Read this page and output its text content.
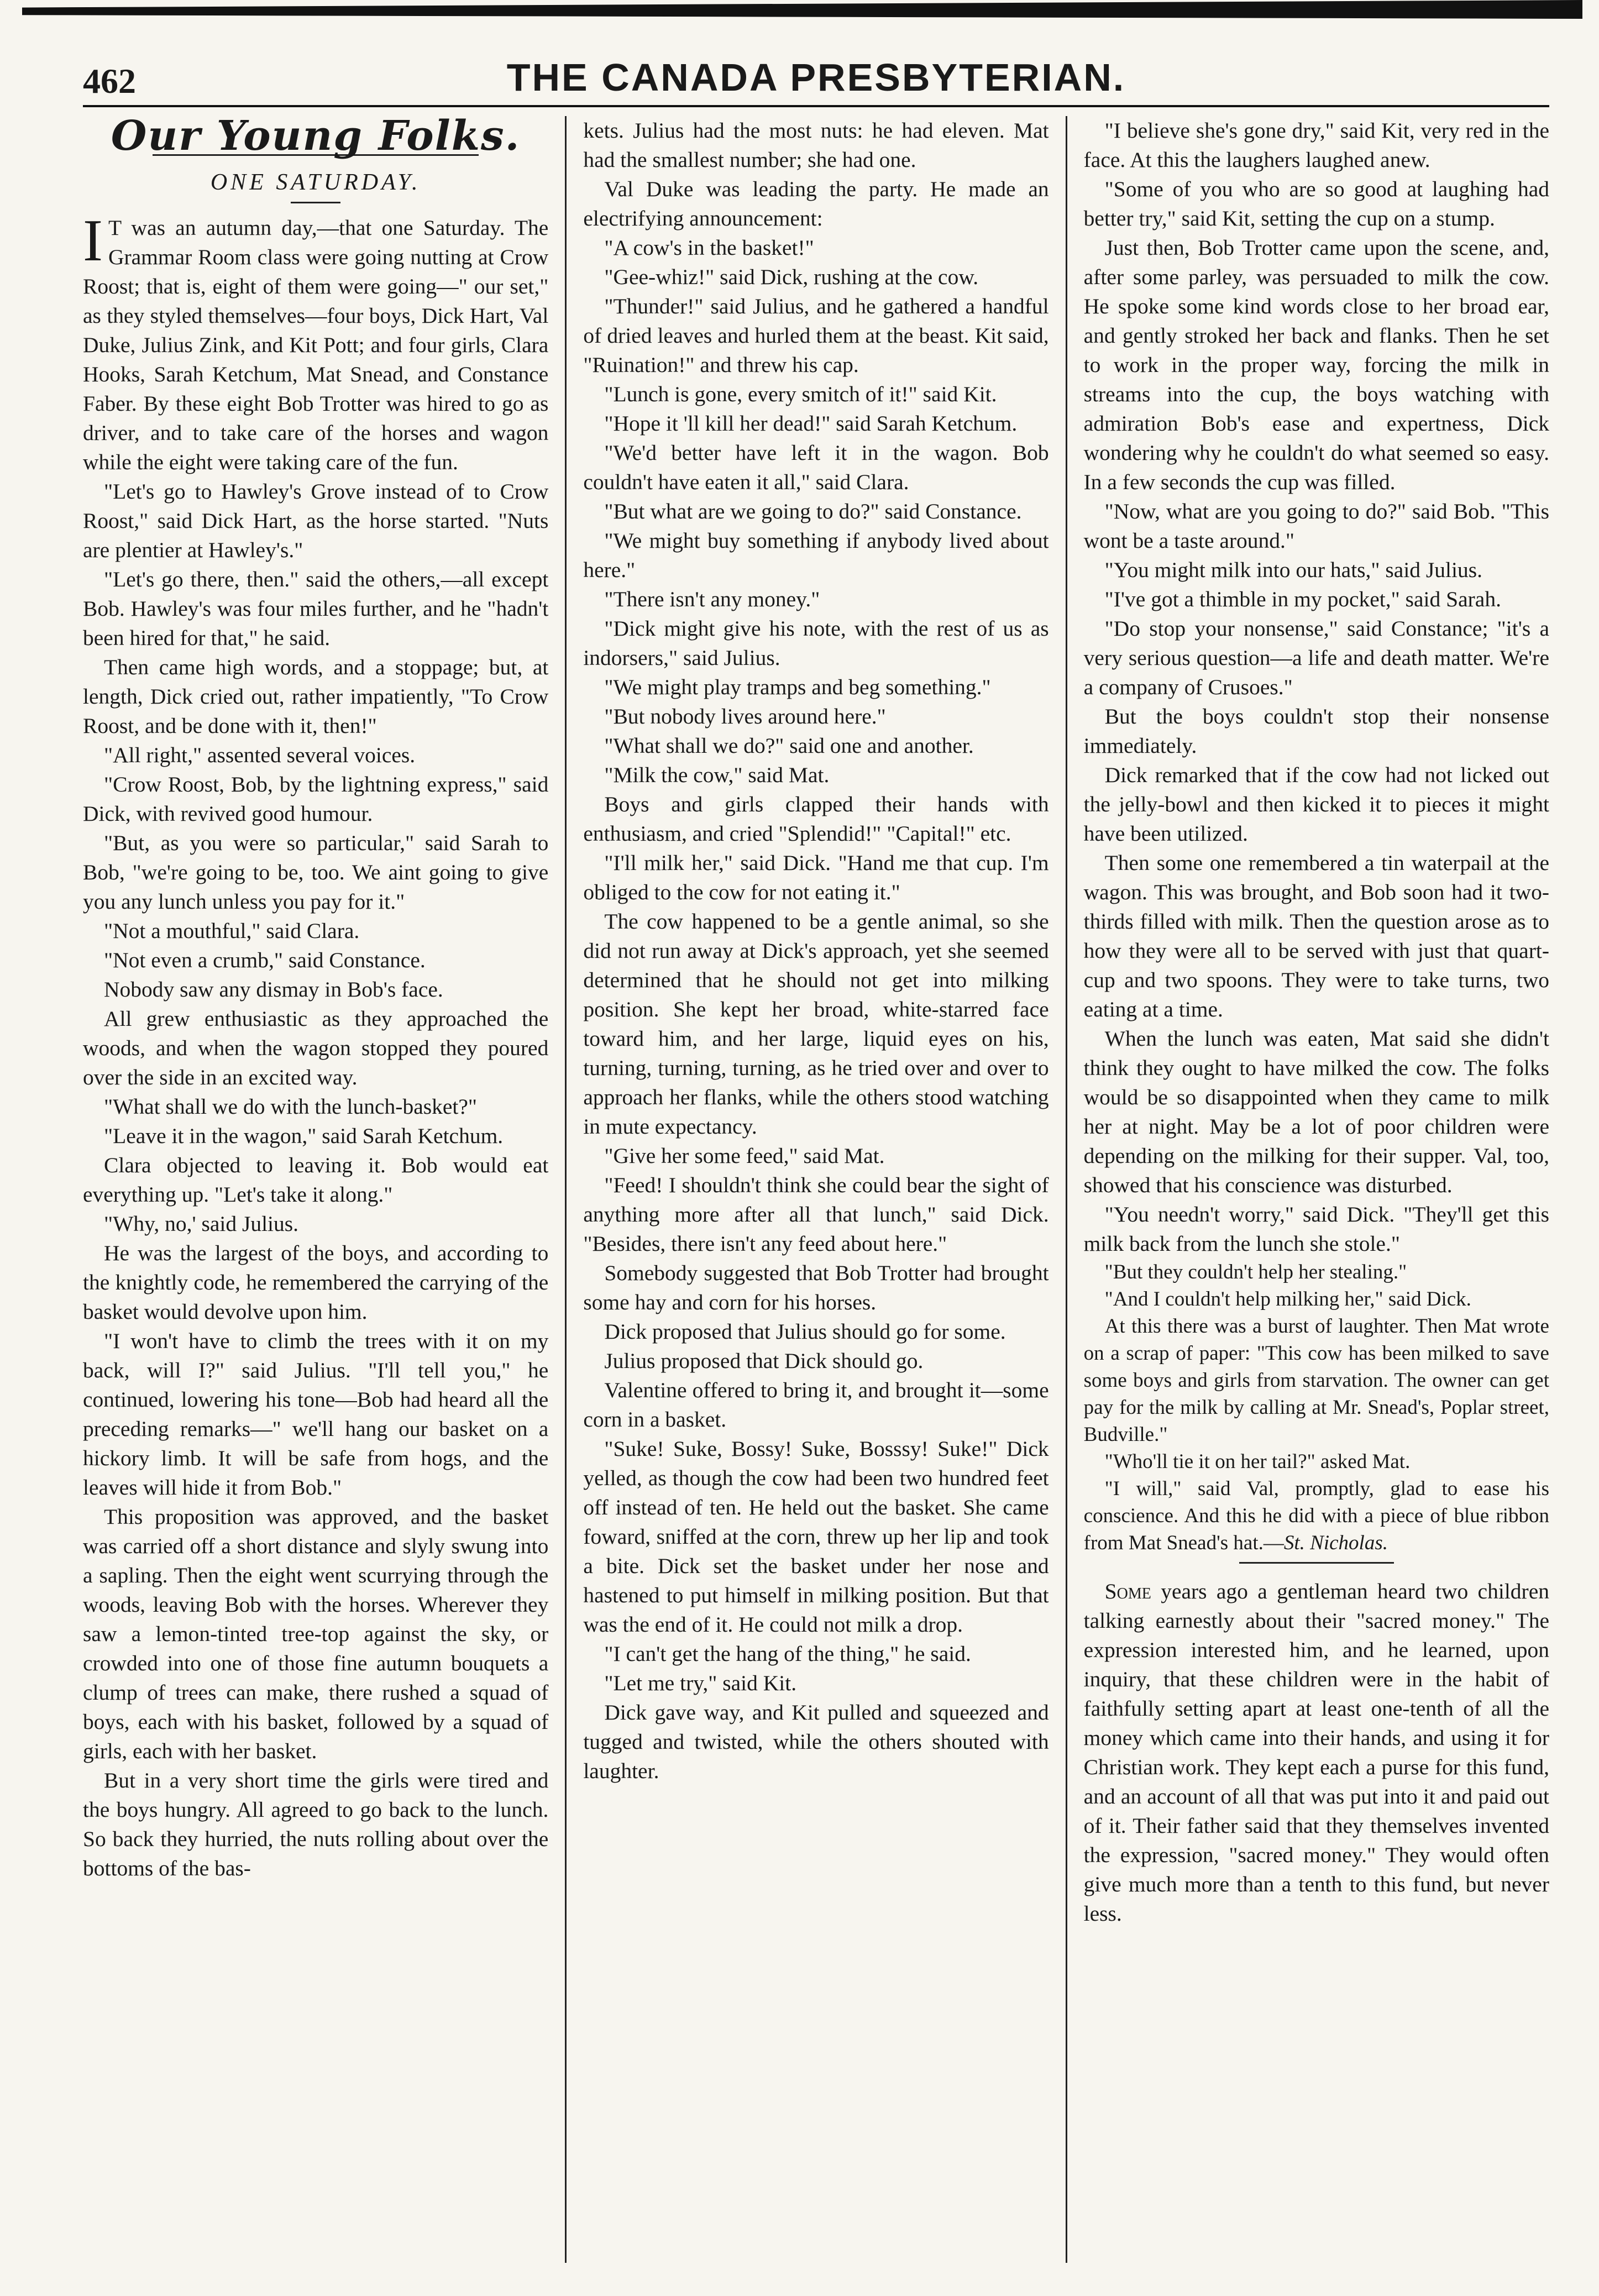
462	THE CANADA PRESBYTERIAN.
Our Young Folks.
ONE SATURDAY.

I T was an autumn day,—that one Saturday. The Grammar Room class were going nutting at Crow Roost; that is, eight of them were going—" our set," as they styled themselves—four boys, Dick Hart, Val Duke, Julius Zink, and Kit Pott; and four girls, Clara Hooks, Sarah Ketchum, Mat Snead, and Constance Faber. By these eight Bob Trotter was hired to go as driver, and to take care of the horses and wagon while the eight were taking care of the fun.

"Let's go to Hawley's Grove instead of to Crow Roost," said Dick Hart, as the horse started. "Nuts are plentier at Hawley's."

"Let's go there, then." said the others,—all except Bob. Hawley's was four miles further, and he "hadn't been hired for that," he said.

Then came high words, and a stoppage; but, at length, Dick cried out, rather impatiently, "To Crow Roost, and be done with it, then!"

"All right," assented several voices.

"Crow Roost, Bob, by the lightning express," said Dick, with revived good humour.

"But, as you were so particular," said Sarah to Bob, "we're going to be, too. We aint going to give you any lunch unless you pay for it."

"Not a mouthful," said Clara.

"Not even a crumb," said Constance.

Nobody saw any dismay in Bob's face.

All grew enthusiastic as they approached the woods, and when the wagon stopped they poured over the side in an excited way.

"What shall we do with the lunch-basket?"

"Leave it in the wagon," said Sarah Ketchum.

Clara objected to leaving it. Bob would eat everything up. "Let's take it along."

"Why, no,' said Julius.

He was the largest of the boys, and according to the knightly code, he remembered the carrying of the basket would devolve upon him.

"I won't have to climb the trees with it on my back, will I?" said Julius. "I'll tell you," he continued, lowering his tone—Bob had heard all the preceding remarks—" we'll hang our basket on a hickory limb. It will be safe from hogs, and the leaves will hide it from Bob."

This proposition was approved, and the basket was carried off a short distance and slyly swung into a sapling. Then the eight went scurrying through the woods, leaving Bob with the horses. Wherever they saw a lemon-tinted tree-top against the sky, or crowded into one of those fine autumn bouquets a clump of trees can make, there rushed a squad of boys, each with his basket, followed by a squad of girls, each with her basket.

But in a very short time the girls were tired and the boys hungry. All agreed to go back to the lunch. So back they hurried, the nuts rolling about over the bottoms of the bas-

kets. Julius had the most nuts: he had eleven. Mat had the smallest number; she had one.

Val Duke was leading the party. He made an electrifying announcement:

"A cow's in the basket!"

"Gee-whiz!" said Dick, rushing at the cow.

"Thunder!" said Julius, and he gathered a handful of dried leaves and hurled them at the beast. Kit said, "Ruination!" and threw his cap.

"Lunch is gone, every smitch of it!" said Kit.

"Hope it 'll kill her dead!" said Sarah Ketchum.

"We'd better have left it in the wagon. Bob couldn't have eaten it all," said Clara.

"But what are we going to do?" said Constance.

"We might buy something if anybody lived about here."

"There isn't any money."

"Dick might give his note, with the rest of us as indorsers," said Julius.

"We might play tramps and beg something."

"But nobody lives around here."

"What shall we do?" said one and another.

"Milk the cow," said Mat.

Boys and girls clapped their hands with enthusiasm, and cried "Splendid!" "Capital!" etc.

"I'll milk her," said Dick. "Hand me that cup. I'm obliged to the cow for not eating it."

The cow happened to be a gentle animal, so she did not run away at Dick's approach, yet she seemed determined that he should not get into milking position. She kept her broad, white-starred face toward him, and her large, liquid eyes on his, turning, turning, turning, as he tried over and over to approach her flanks, while the others stood watching in mute expectancy.

"Give her some feed," said Mat.

"Feed! I shouldn't think she could bear the sight of anything more after all that lunch," said Dick. "Besides, there isn't any feed about here."

Somebody suggested that Bob Trotter had brought some hay and corn for his horses.

Dick proposed that Julius should go for some.

Julius proposed that Dick should go.

Valentine offered to bring it, and brought it—some corn in a basket.

"Suke! Suke, Bossy! Suke, Bosssy! Suke!" Dick yelled, as though the cow had been two hundred feet off instead of ten. He held out the basket. She came foward, sniffed at the corn, threw up her lip and took a bite. Dick set the basket under her nose and hastened to put himself in milking position. But that was the end of it. He could not milk a drop.

"I can't get the hang of the thing," he said.

"Let me try," said Kit.

Dick gave way, and Kit pulled and squeezed and tugged and twisted, while the others shouted with laughter.

"I believe she's gone dry," said Kit, very red in the face. At this the laughers laughed anew.

"Some of you who are so good at laughing had better try," said Kit, setting the cup on a stump.

Just then, Bob Trotter came upon the scene, and, after some parley, was persuaded to milk the cow. He spoke some kind words close to her broad ear, and gently stroked her back and flanks. Then he set to work in the proper way, forcing the milk in streams into the cup, the boys watching with admiration Bob's ease and expertness, Dick wondering why he couldn't do what seemed so easy. In a few seconds the cup was filled.

"Now, what are you going to do?" said Bob. "This wont be a taste around."

"You might milk into our hats," said Julius.

"I've got a thimble in my pocket," said Sarah.

"Do stop your nonsense," said Constance; "it's a very serious question—a life and death matter. We're a company of Crusoes."

But the boys couldn't stop their nonsense immediately.

Dick remarked that if the cow had not licked out the jelly-bowl and then kicked it to pieces it might have been utilized.

Then some one remembered a tin waterpail at the wagon. This was brought, and Bob soon had it two-thirds filled with milk. Then the question arose as to how they were all to be served with just that quart-cup and two spoons. They were to take turns, two eating at a time.

When the lunch was eaten, Mat said she didn't think they ought to have milked the cow. The folks would be so disappointed when they came to milk her at night. May be a lot of poor children were depending on the milking for their supper. Val, too, showed that his conscience was disturbed.

"You needn't worry," said Dick. "They'll get this milk back from the lunch she stole."

"But they couldn't help her stealing."

"And I couldn't help milking her," said Dick.

At this there was a burst of laughter. Then Mat wrote on a scrap of paper: "This cow has been milked to save some boys and girls from starvation. The owner can get pay for the milk by calling at Mr. Snead's, Poplar street, Budville."

"Who'll tie it on her tail?" asked Mat.

"I will," said Val, promptly, glad to ease his conscience. And this he did with a piece of blue ribbon from Mat Snead's hat.—St. Nicholas.

Some years ago a gentleman heard two children talking earnestly about their "sacred money." The expression interested him, and he learned, upon inquiry, that these children were in the habit of faithfully setting apart at least one-tenth of all the money which came into their hands, and using it for Christian work. They kept each a purse for this fund, and an account of all that was put into it and paid out of it. Their father said that they themselves invented the expression, "sacred money." They would often give much more than a tenth to this fund, but never less.
